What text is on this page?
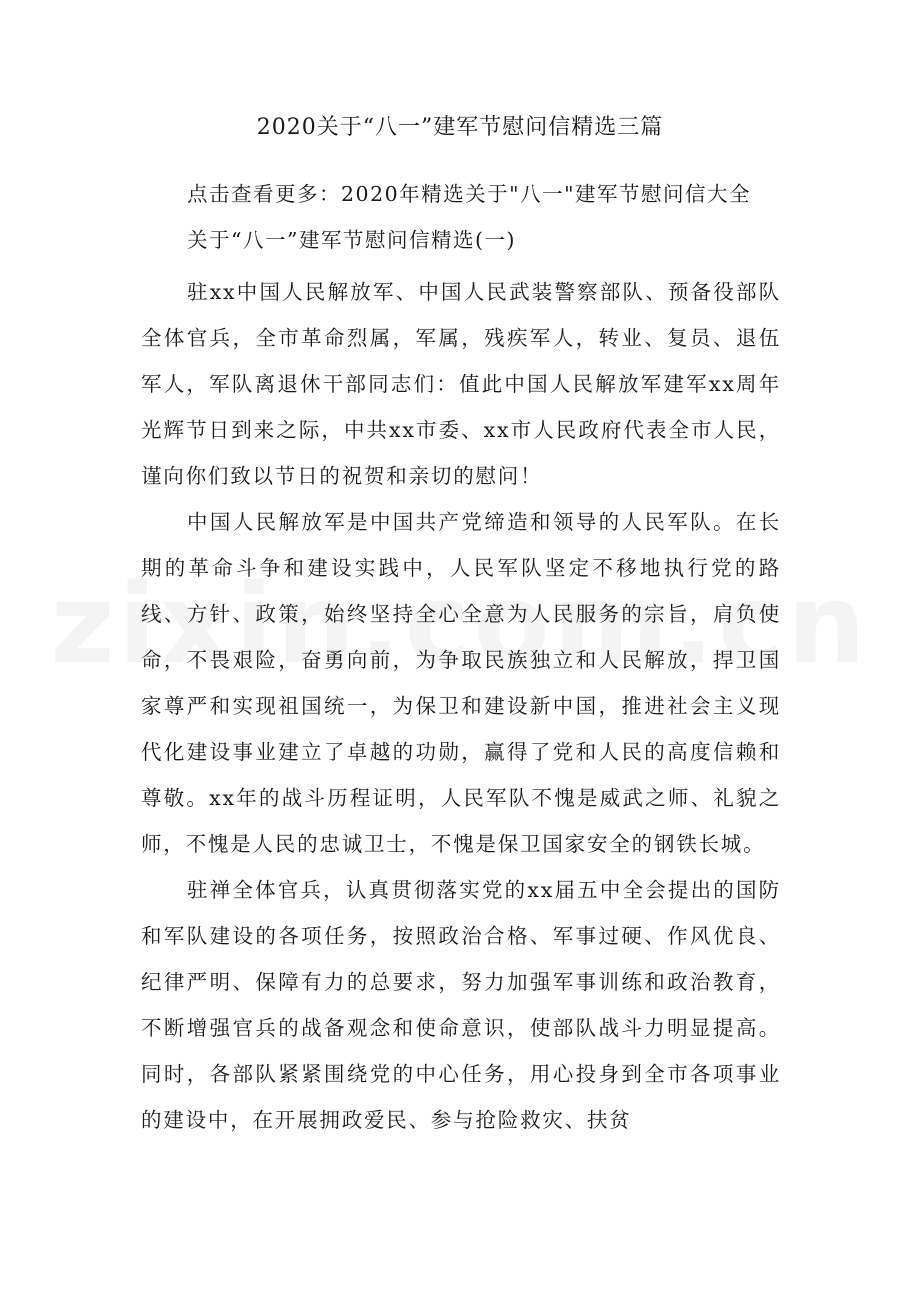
2020关于“八一”建军节慰问信精选三篇

点击查看更多：2020年精选关于"八一"建军节慰问信大全

关于“八一”建军节慰问信精选(一)

驻xx中国人民解放军、中国人民武装警察部队、预备役部队全体官兵，全市革命烈属，军属，残疾军人，转业、复员、退伍军人，军队离退休干部同志们：值此中国人民解放军建军xx周年光辉节日到来之际，中共xx市委、xx市人民政府代表全市人民，谨向你们致以节日的祝贺和亲切的慰问！

中国人民解放军是中国共产党缔造和领导的人民军队。在长期的革命斗争和建设实践中，人民军队坚定不移地执行党的路线、方针、政策，始终坚持全心全意为人民服务的宗旨，肩负使命，不畏艰险，奋勇向前，为争取民族独立和人民解放，捍卫国家尊严和实现祖国统一，为保卫和建设新中国，推进社会主义现代化建设事业建立了卓越的功勋，赢得了党和人民的高度信赖和尊敬。xx年的战斗历程证明，人民军队不愧是威武之师、礼貌之师，不愧是人民的忠诚卫士，不愧是保卫国家安全的钢铁长城。

驻禅全体官兵，认真贯彻落实党的xx届五中全会提出的国防和军队建设的各项任务，按照政治合格、军事过硬、作风优良、纪律严明、保障有力的总要求，努力加强军事训练和政治教育，不断增强官兵的战备观念和使命意识，使部队战斗力明显提高。同时，各部队紧紧围绕党的中心任务，用心投身到全市各项事业的建设中，在开展拥政爱民、参与抢险救灾、扶贫
